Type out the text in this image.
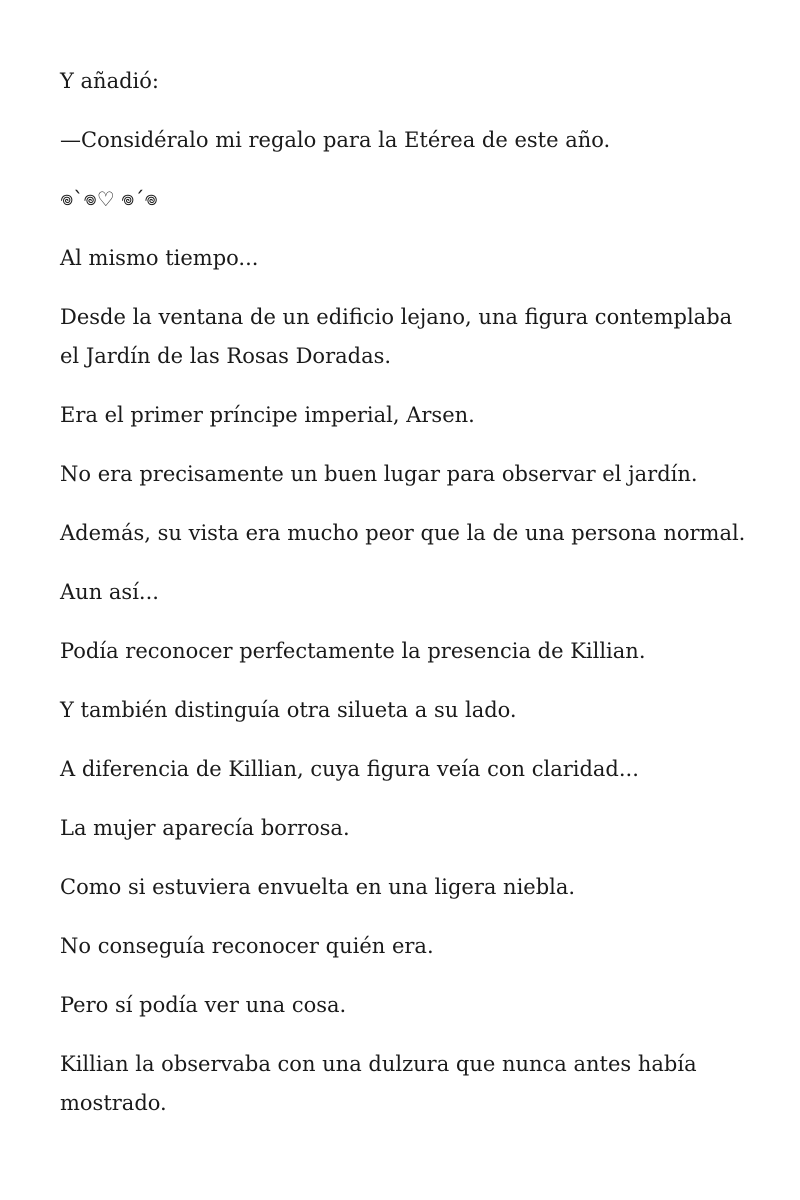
Y añadió:

—Considéralo mi regalo para la Etérea de este año.

𖦹`𖦹♡ 𖦹´𖦹

Al mismo tiempo...

Desde la ventana de un edificio lejano, una figura contemplaba el Jardín de las Rosas Doradas.

Era el primer príncipe imperial, Arsen.

No era precisamente un buen lugar para observar el jardín.

Además, su vista era mucho peor que la de una persona normal.

Aun así...

Podía reconocer perfectamente la presencia de Killian.

Y también distinguía otra silueta a su lado.

A diferencia de Killian, cuya figura veía con claridad...

La mujer aparecía borrosa.

Como si estuviera envuelta en una ligera niebla.

No conseguía reconocer quién era.

Pero sí podía ver una cosa.

Killian la observaba con una dulzura que nunca antes había mostrado.
